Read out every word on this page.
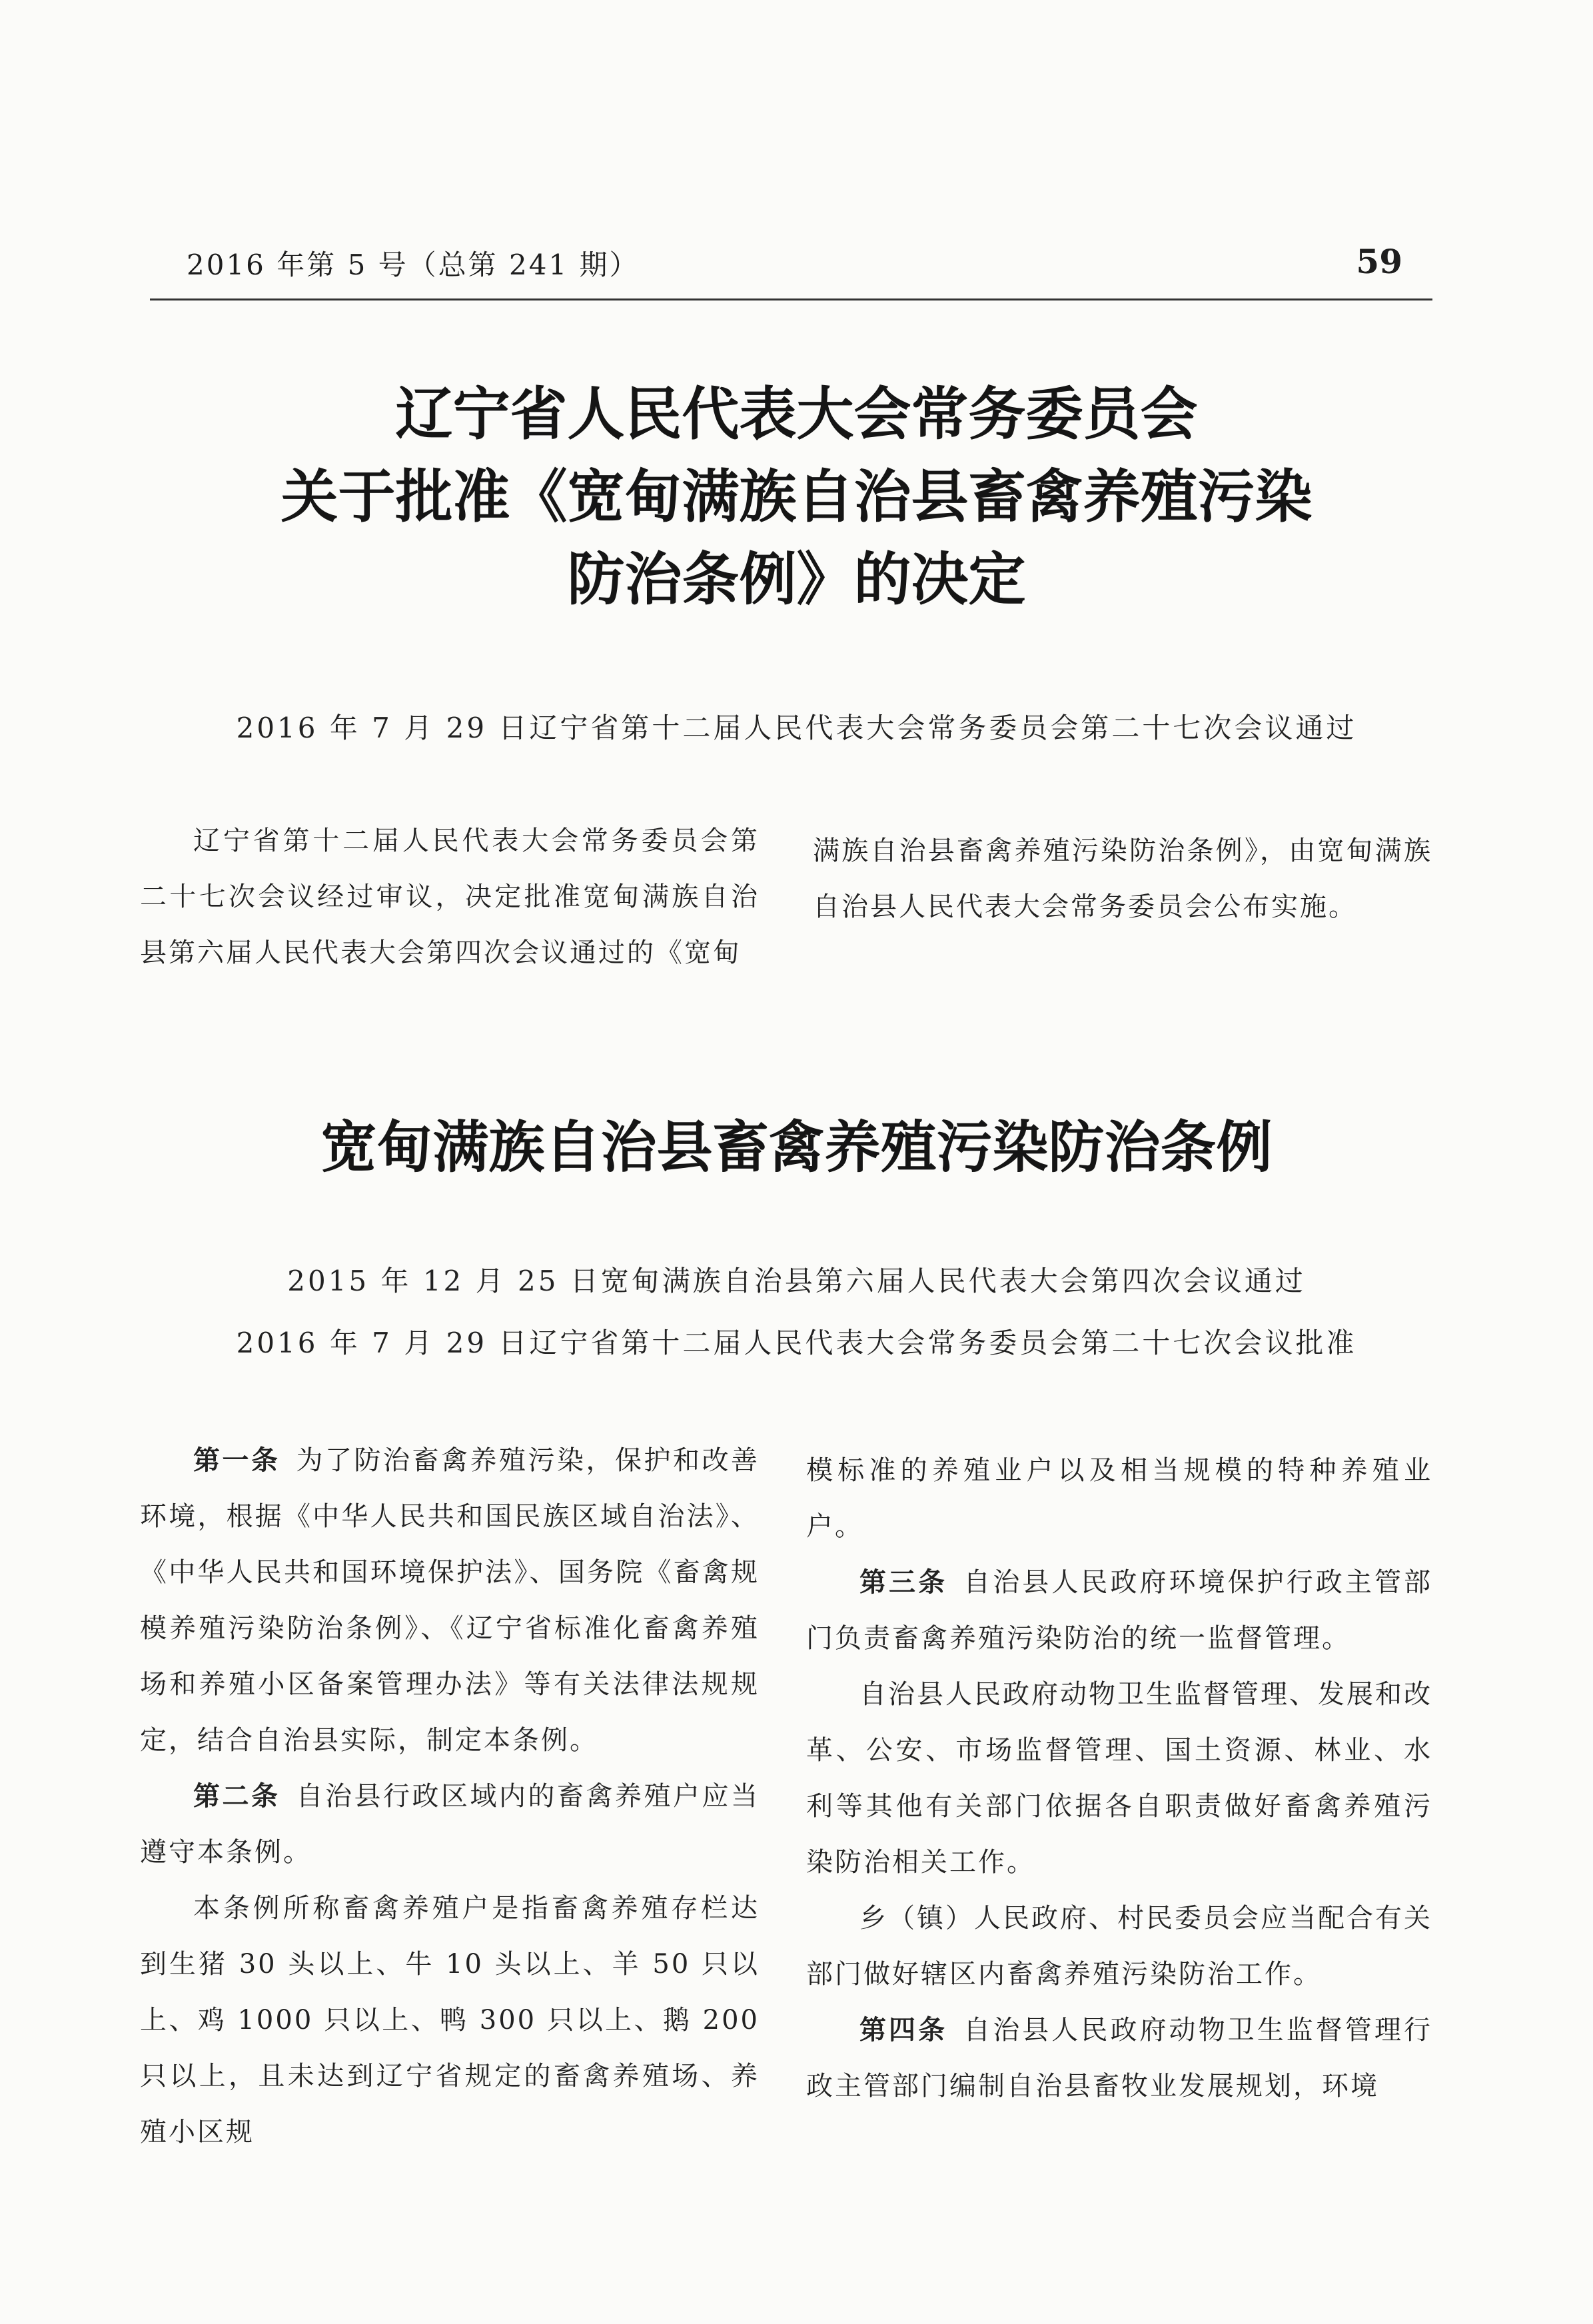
2016 年第 5 号（总第 241 期）	59
辽宁省人民代表大会常务委员会
关于批准《宽甸满族自治县畜禽养殖污染
防治条例》的决定
2016 年 7 月 29 日辽宁省第十二届人民代表大会常务委员会第二十七次会议通过

辽宁省第十二届人民代表大会常务委员会第二十七次会议经过审议，决定批准宽甸满族自治县第六届人民代表大会第四次会议通过的《宽甸

满族自治县畜禽养殖污染防治条例》，由宽甸满族自治县人民代表大会常务委员会公布实施。

宽甸满族自治县畜禽养殖污染防治条例
2015 年 12 月 25 日宽甸满族自治县第六届人民代表大会第四次会议通过
2016 年 7 月 29 日辽宁省第十二届人民代表大会常务委员会第二十七次会议批准

第一条 为了防治畜禽养殖污染，保护和改善环境，根据《中华人民共和国民族区域自治法》、《中华人民共和国环境保护法》、国务院《畜禽规模养殖污染防治条例》、《辽宁省标准化畜禽养殖场和养殖小区备案管理办法》等有关法律法规规定，结合自治县实际，制定本条例。

第二条 自治县行政区域内的畜禽养殖户应当遵守本条例。

本条例所称畜禽养殖户是指畜禽养殖存栏达到生猪 30 头以上、牛 10 头以上、羊 50 只以上、鸡 1000 只以上、鸭 300 只以上、鹅 200 只以上，且未达到辽宁省规定的畜禽养殖场、养殖小区规

模标准的养殖业户以及相当规模的特种养殖业户。

第三条 自治县人民政府环境保护行政主管部门负责畜禽养殖污染防治的统一监督管理。

自治县人民政府动物卫生监督管理、发展和改革、公安、市场监督管理、国土资源、林业、水利等其他有关部门依据各自职责做好畜禽养殖污染防治相关工作。

乡（镇）人民政府、村民委员会应当配合有关部门做好辖区内畜禽养殖污染防治工作。

第四条 自治县人民政府动物卫生监督管理行政主管部门编制自治县畜牧业发展规划，环境
